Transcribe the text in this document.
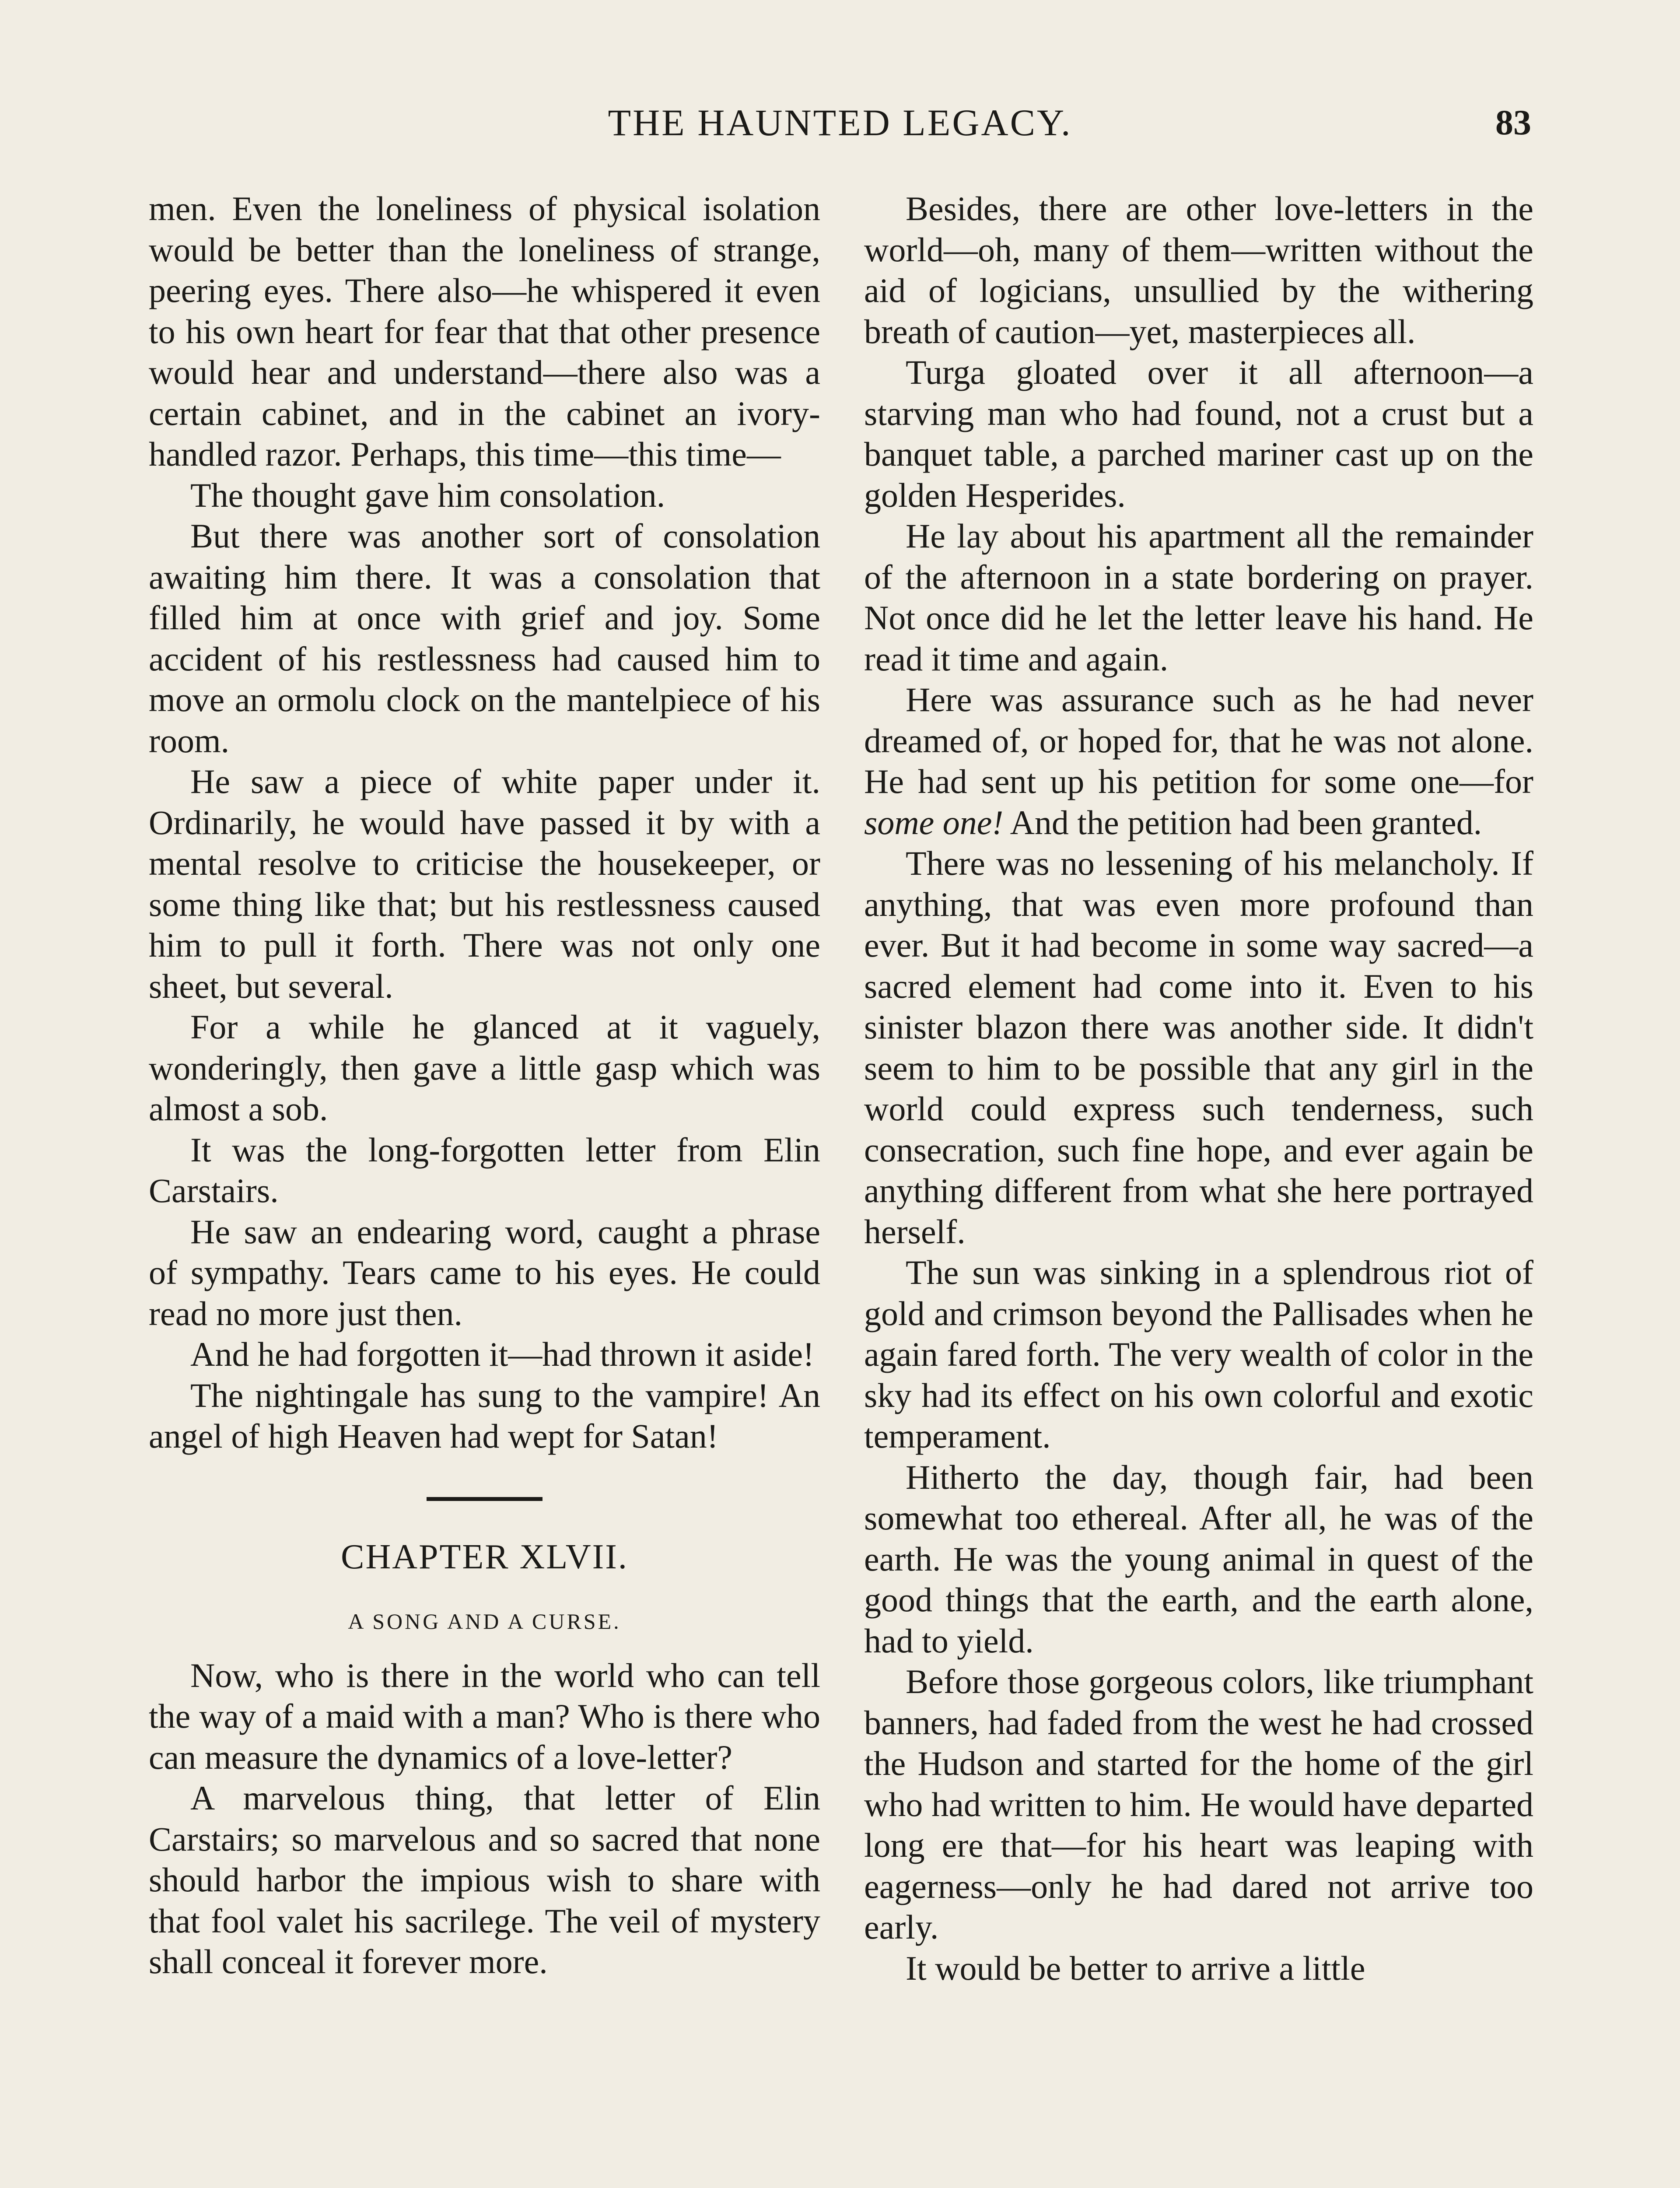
THE HAUNTED LEGACY.	83

men. Even the loneliness of physical isolation would be better than the loneliness of strange, peering eyes. There also—he whispered it even to his own heart for fear that that other presence would hear and understand—there also was a certain cabinet, and in the cabinet an ivory-handled razor. Perhaps, this time—this time—

The thought gave him consolation.

But there was another sort of consolation awaiting him there. It was a consolation that filled him at once with grief and joy. Some accident of his restlessness had caused him to move an ormolu clock on the mantelpiece of his room.

He saw a piece of white paper under it. Ordinarily, he would have passed it by with a mental resolve to criticise the housekeeper, or some thing like that; but his restlessness caused him to pull it forth. There was not only one sheet, but several.

For a while he glanced at it vaguely, wonderingly, then gave a little gasp which was almost a sob.

It was the long-forgotten letter from Elin Carstairs.

He saw an endearing word, caught a phrase of sympathy. Tears came to his eyes. He could read no more just then.

And he had forgotten it—had thrown it aside!

The nightingale has sung to the vampire! An angel of high Heaven had wept for Satan!

CHAPTER XLVII.
A SONG AND A CURSE.

Now, who is there in the world who can tell the way of a maid with a man? Who is there who can measure the dynamics of a love-letter?

A marvelous thing, that letter of Elin Carstairs; so marvelous and so sacred that none should harbor the impious wish to share with that fool valet his sacrilege. The veil of mystery shall conceal it forever more.

Besides, there are other love-letters in the world—oh, many of them—written without the aid of logicians, unsullied by the withering breath of caution—yet, masterpieces all.

Turga gloated over it all afternoon—a starving man who had found, not a crust but a banquet table, a parched mariner cast up on the golden Hesperides.

He lay about his apartment all the remainder of the afternoon in a state bordering on prayer. Not once did he let the letter leave his hand. He read it time and again.

Here was assurance such as he had never dreamed of, or hoped for, that he was not alone. He had sent up his petition for some one—for some one! And the petition had been granted.

There was no lessening of his melancholy. If anything, that was even more profound than ever. But it had become in some way sacred—a sacred element had come into it. Even to his sinister blazon there was another side. It didn't seem to him to be possible that any girl in the world could express such tenderness, such consecration, such fine hope, and ever again be anything different from what she here portrayed herself.

The sun was sinking in a splendrous riot of gold and crimson beyond the Pallisades when he again fared forth. The very wealth of color in the sky had its effect on his own colorful and exotic temperament.

Hitherto the day, though fair, had been somewhat too ethereal. After all, he was of the earth. He was the young animal in quest of the good things that the earth, and the earth alone, had to yield.

Before those gorgeous colors, like triumphant banners, had faded from the west he had crossed the Hudson and started for the home of the girl who had written to him. He would have departed long ere that—for his heart was leaping with eagerness—only he had dared not arrive too early.

It would be better to arrive a little
